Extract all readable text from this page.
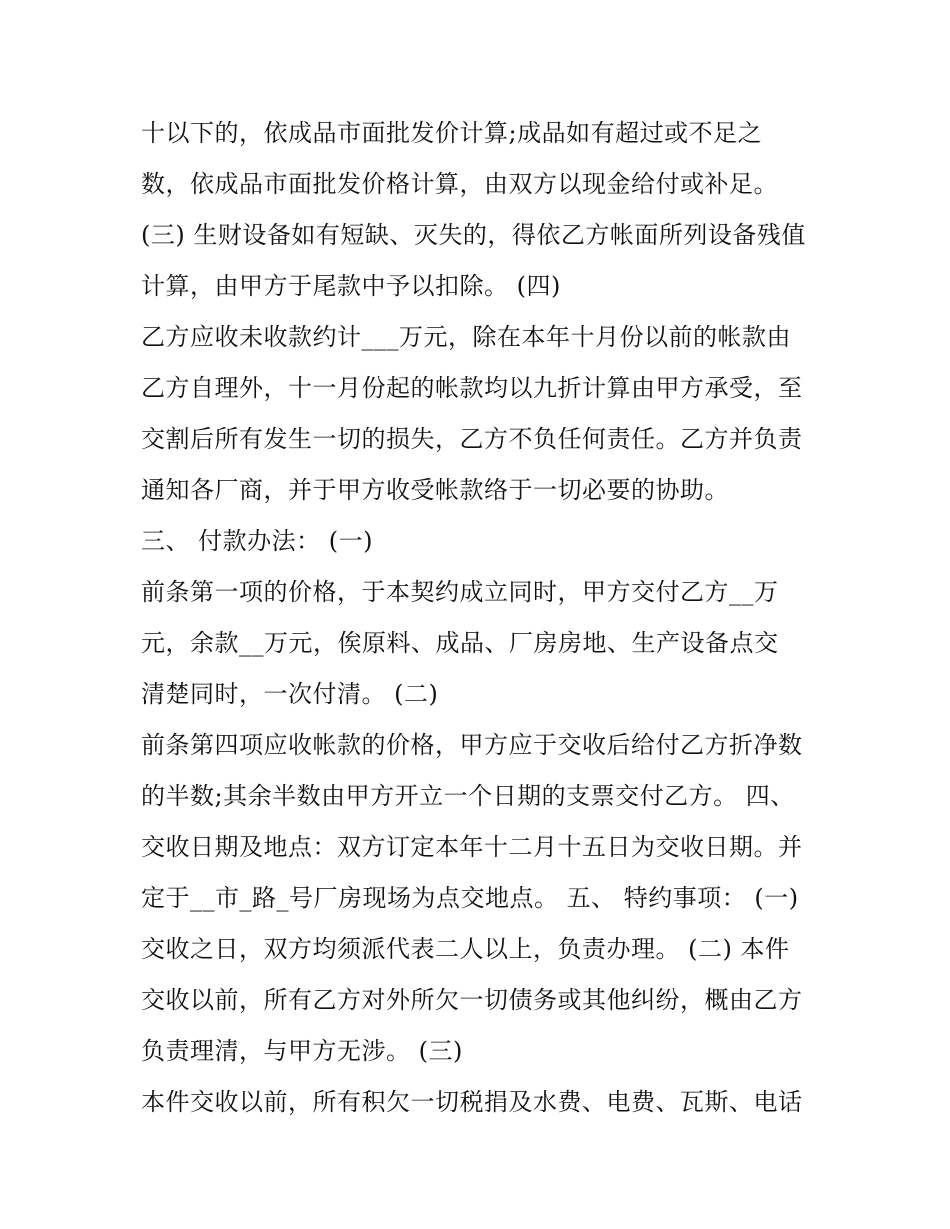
十以下的，依成品市面批发价计算;成品如有超过或不足之
数，依成品市面批发价格计算，由双方以现金给付或补足。
(三) 生财设备如有短缺、灭失的，得依乙方帐面所列设备残值
计算，由甲方于尾款中予以扣除。 (四)
乙方应收未收款约计___万元，除在本年十月份以前的帐款由
乙方自理外，十一月份起的帐款均以九折计算由甲方承受，至
交割后所有发生一切的损失，乙方不负任何责任。乙方并负责
通知各厂商，并于甲方收受帐款络于一切必要的协助。
三、 付款办法： (一)
前条第一项的价格，于本契约成立同时，甲方交付乙方__万
元，余款__万元，俟原料、成品、厂房房地、生产设备点交
清楚同时，一次付清。 (二)
前条第四项应收帐款的价格，甲方应于交收后给付乙方折净数
的半数;其余半数由甲方开立一个日期的支票交付乙方。 四、
交收日期及地点：双方订定本年十二月十五日为交收日期。并
定于__市_路_号厂房现场为点交地点。 五、 特约事项： (一)
交收之日，双方均须派代表二人以上，负责办理。 (二) 本件
交收以前，所有乙方对外所欠一切债务或其他纠纷，概由乙方
负责理清，与甲方无涉。 (三)
本件交收以前，所有积欠一切税捐及水费、电费、瓦斯、电话
